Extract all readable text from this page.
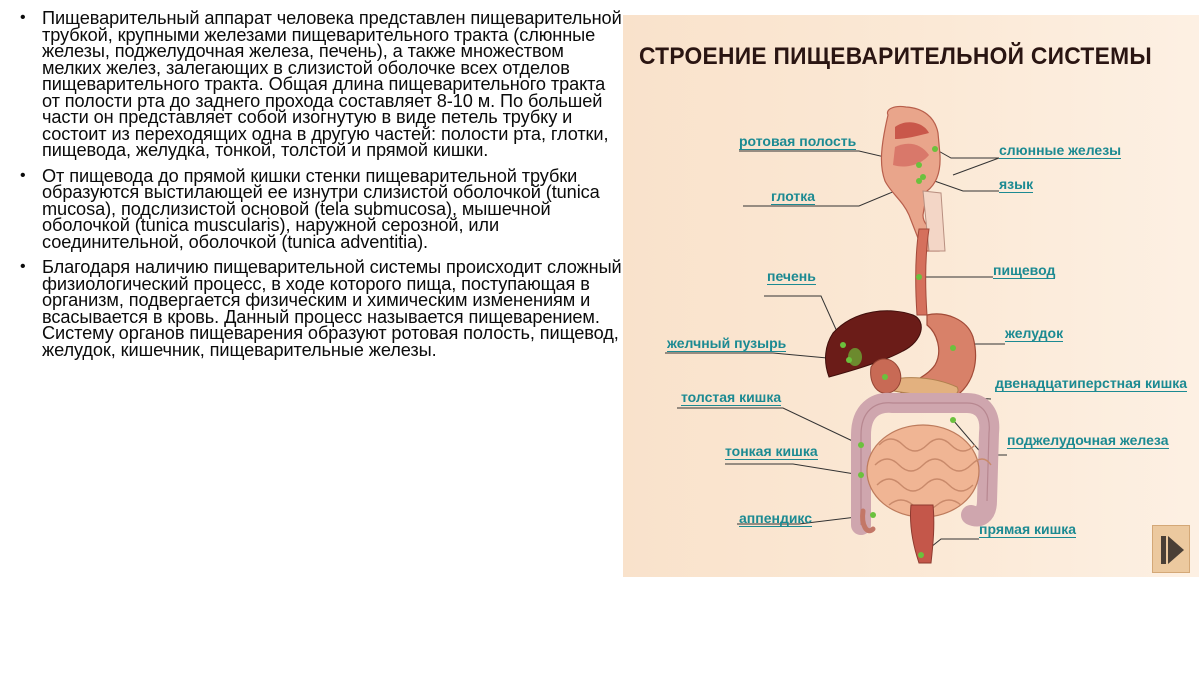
• Пищеварительный аппарат человека представлен пищеварительной трубкой, крупными железами пищеварительного тракта (слюнные железы, поджелудочная железа, печень), а также множеством мелких желез, залегающих в слизистой оболочке всех отделов пищеварительного тракта. Общая длина пищеварительного тракта от полости рта до заднего прохода составляет 8-10 м. По большей части он представляет собой изогнутую в виде петель трубку и состоит из переходящих одна в другую частей: полости рта, глотки, пищевода, желудка, тонкой, толстой и прямой кишки.
• От пищевода до прямой кишки стенки пищеварительной трубки образуются выстилающей ее изнутри слизистой оболочкой (tunica mucosa), подслизистой основой (tela submucosa), мышечной оболочкой (tunica muscularis), наружной серозной, или соединительной, оболочкой (tunica adventitia).
• Благодаря наличию пищеварительной системы происходит сложный физиологический процесс, в ходе которого пища, поступающая в организм, подвергается физическим и химическим изменениям и всасывается в кровь. Данный процесс называется пищеварением. Систему органов пищеварения образуют ротовая полость, пищевод, желудок, кишечник, пищеварительные железы.
СТРОЕНИЕ ПИЩЕВАРИТЕЛЬНОЙ СИСТЕМЫ
ротовая полость
слюнные железы
язык
глотка
пищевод
печень
желудок
желчный пузырь
двенадцатиперстная кишка
толстая кишка
поджелудочная железа
тонкая кишка
аппендикс
прямая кишка
